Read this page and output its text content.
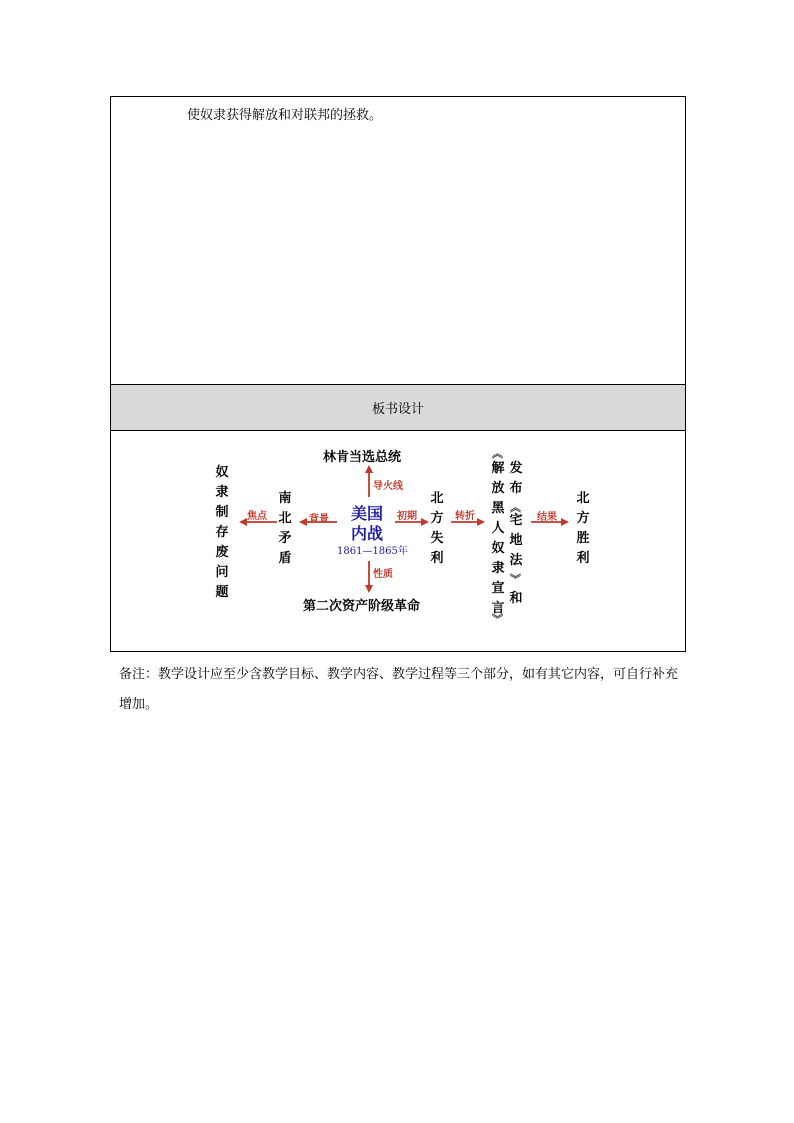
使奴隶获得解放和对联邦的拯救。

板书设计
林肯当选总统
导火线
美国
内战
1861—1865年
性质
第二次资产阶级革命
背景
南北矛盾
焦点
奴隶制存废问题
初期
北方失利
转折
︽
解放黑人奴隶宣言
︾
发布
︽
宅
地
法
︾
和
结果
北方胜利

备注：教学设计应至少含教学目标、教学内容、教学过程等三个部分，如有其它内容，可自行补充增加。
